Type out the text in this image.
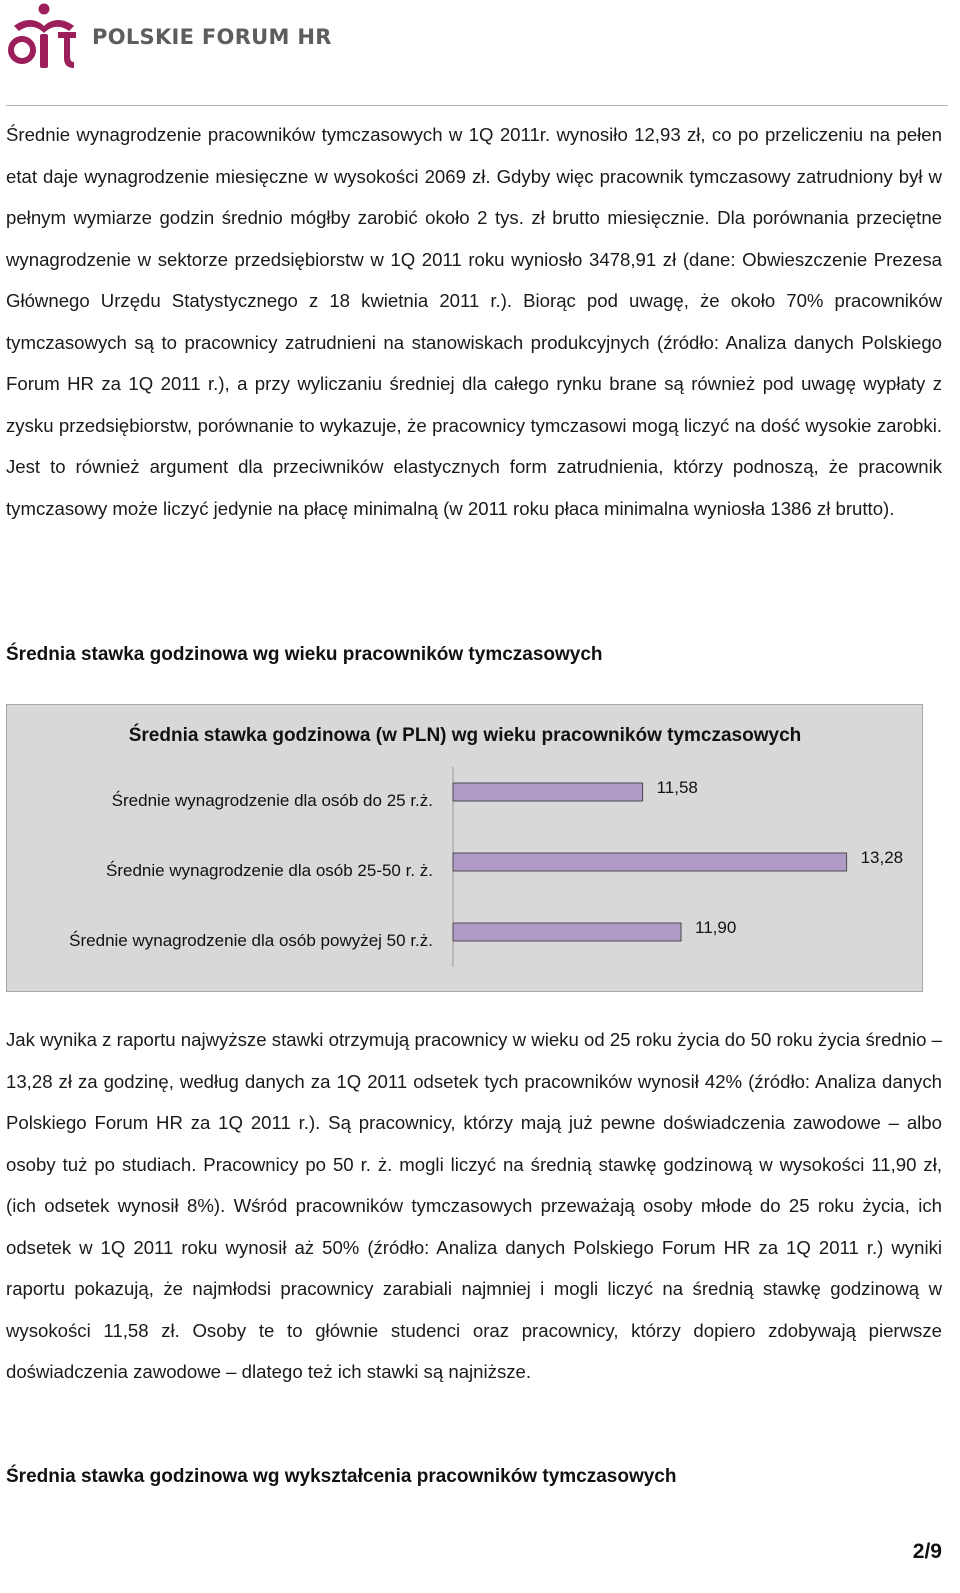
POLSKIE FORUM HR

Średnie wynagrodzenie pracowników tymczasowych w 1Q 2011r. wynosiło 12,93 zł, co po przeliczeniu na pełen etat daje wynagrodzenie miesięczne w wysokości 2069 zł. Gdyby więc pracownik tymczasowy zatrudniony był w pełnym wymiarze godzin średnio mógłby zarobić około 2 tys. zł brutto miesięcznie. Dla porównania przeciętne wynagrodzenie w sektorze przedsiębiorstw w 1Q 2011 roku wyniosło 3478,91 zł (dane: Obwieszczenie Prezesa Głównego Urzędu Statystycznego z 18 kwietnia 2011 r.). Biorąc pod uwagę, że około 70% pracowników tymczasowych są to pracownicy zatrudnieni na stanowiskach produkcyjnych (źródło: Analiza danych Polskiego Forum HR za 1Q 2011 r.), a przy wyliczaniu średniej dla całego rynku brane są również pod uwagę wypłaty z zysku przedsiębiorstw, porównanie to wykazuje, że pracownicy tymczasowi mogą liczyć na dość wysokie zarobki. Jest to również argument dla przeciwników elastycznych form zatrudnienia, którzy podnoszą, że pracownik tymczasowy może liczyć jedynie na płacę minimalną (w 2011 roku płaca minimalna wyniosła 1386 zł brutto).

Średnia stawka godzinowa wg wieku pracowników tymczasowych
Średnia stawka godzinowa (w PLN) wg wieku pracowników tymczasowych
Średnie wynagrodzenie dla osób do 25 r.ż.
11,58
Średnie wynagrodzenie dla osób 25-50 r. ż.
13,28
Średnie wynagrodzenie dla osób powyżej 50 r.ż.
11,90

Jak wynika z raportu najwyższe stawki otrzymują pracownicy w wieku od 25 roku życia do 50 roku życia średnio – 13,28 zł za godzinę, według danych za 1Q 2011 odsetek tych pracowników wynosił 42% (źródło: Analiza danych Polskiego Forum HR za 1Q 2011 r.). Są pracownicy, którzy mają już pewne doświadczenia zawodowe – albo osoby tuż po studiach. Pracownicy po 50 r. ż. mogli liczyć na średnią stawkę godzinową w wysokości 11,90 zł, (ich odsetek wynosił 8%). Wśród pracowników tymczasowych przeważają osoby młode do 25 roku życia, ich odsetek w 1Q 2011 roku wynosił aż 50% (źródło: Analiza danych Polskiego Forum HR za 1Q 2011 r.) wyniki raportu pokazują, że najmłodsi pracownicy zarabiali najmniej i mogli liczyć na średnią stawkę godzinową w wysokości 11,58 zł. Osoby te to głównie studenci oraz pracownicy, którzy dopiero zdobywają pierwsze doświadczenia zawodowe – dlatego też ich stawki są najniższe.

Średnia stawka godzinowa wg wykształcenia pracowników tymczasowych
2/9
